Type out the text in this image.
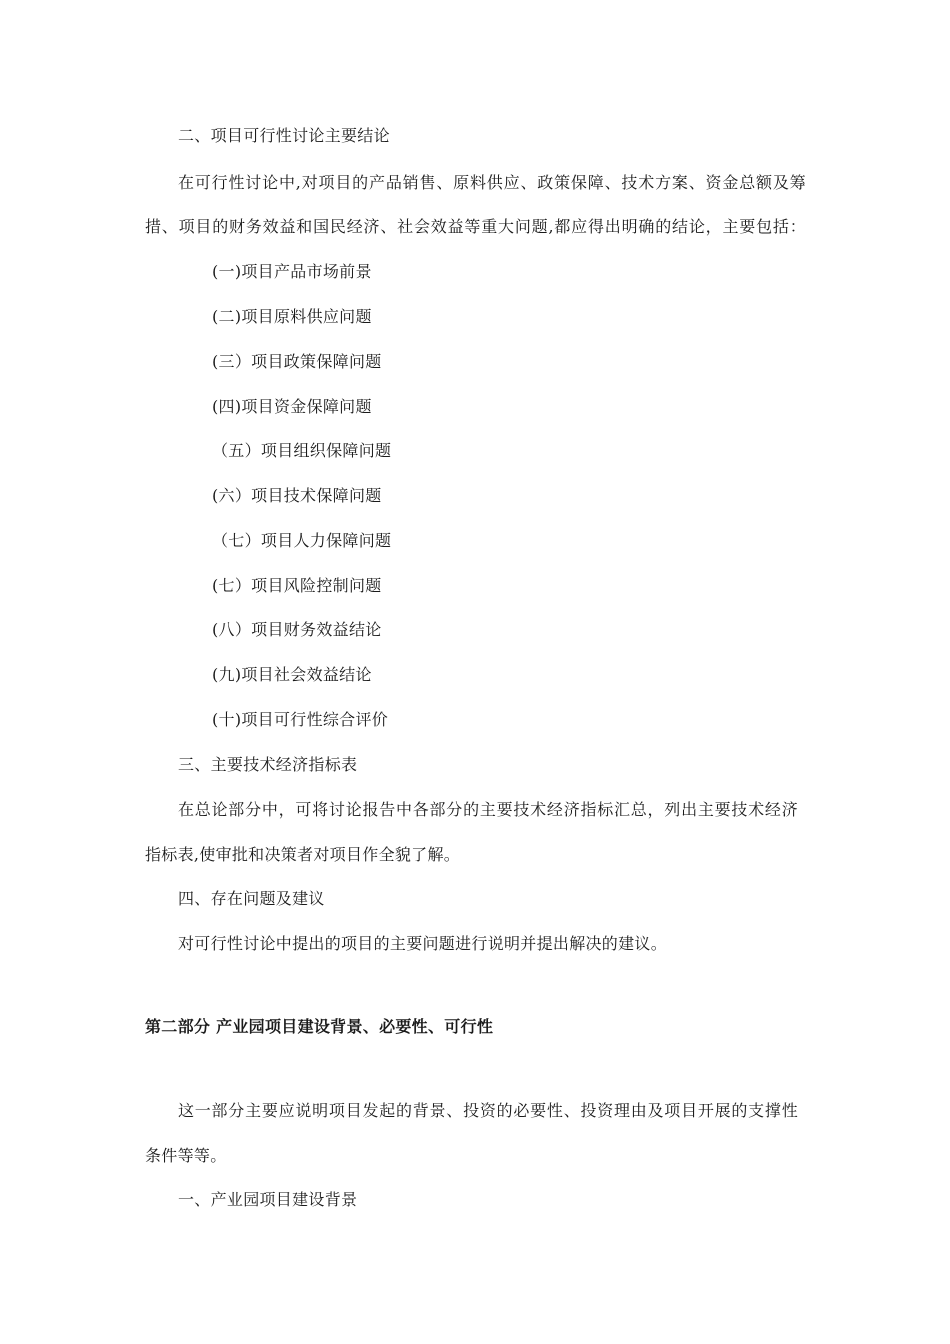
二、项目可行性讨论主要结论
在可行性讨论中,对项目的产品销售、原料供应、政策保障、技术方案、资金总额及筹
措、项目的财务效益和国民经济、社会效益等重大问题,都应得出明确的结论，主要包括：
(一)项目产品市场前景
(二)项目原料供应问题
(三）项目政策保障问题
(四)项目资金保障问题
（五）项目组织保障问题
(六）项目技术保障问题
（七）项目人力保障问题
(七）项目风险控制问题
(八）项目财务效益结论
(九)项目社会效益结论
(十)项目可行性综合评价
三、主要技术经济指标表
在总论部分中，可将讨论报告中各部分的主要技术经济指标汇总，列出主要技术经济
指标表,使审批和决策者对项目作全貌了解。
四、存在问题及建议
对可行性讨论中提出的项目的主要问题进行说明并提出解决的建议。
第二部分 产业园项目建设背景、必要性、可行性
这一部分主要应说明项目发起的背景、投资的必要性、投资理由及项目开展的支撑性
条件等等。
一、产业园项目建设背景
